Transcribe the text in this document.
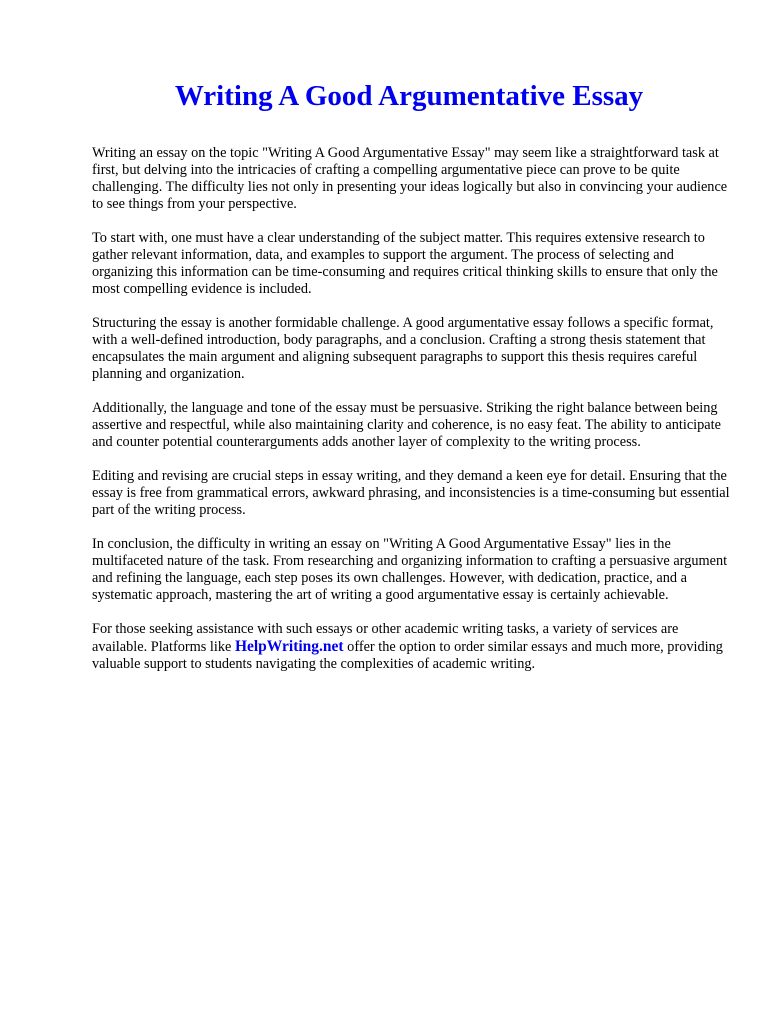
Writing A Good Argumentative Essay

Writing an essay on the topic "Writing A Good Argumentative Essay" may seem like a straightforward task at first, but delving into the intricacies of crafting a compelling argumentative piece can prove to be quite challenging. The difficulty lies not only in presenting your ideas logically but also in convincing your audience to see things from your perspective.

To start with, one must have a clear understanding of the subject matter. This requires extensive research to gather relevant information, data, and examples to support the argument. The process of selecting and organizing this information can be time-consuming and requires critical thinking skills to ensure that only the most compelling evidence is included.

Structuring the essay is another formidable challenge. A good argumentative essay follows a specific format, with a well-defined introduction, body paragraphs, and a conclusion. Crafting a strong thesis statement that encapsulates the main argument and aligning subsequent paragraphs to support this thesis requires careful planning and organization.

Additionally, the language and tone of the essay must be persuasive. Striking the right balance between being assertive and respectful, while also maintaining clarity and coherence, is no easy feat. The ability to anticipate and counter potential counterarguments adds another layer of complexity to the writing process.

Editing and revising are crucial steps in essay writing, and they demand a keen eye for detail. Ensuring that the essay is free from grammatical errors, awkward phrasing, and inconsistencies is a time-consuming but essential part of the writing process.

In conclusion, the difficulty in writing an essay on "Writing A Good Argumentative Essay" lies in the multifaceted nature of the task. From researching and organizing information to crafting a persuasive argument and refining the language, each step poses its own challenges. However, with dedication, practice, and a systematic approach, mastering the art of writing a good argumentative essay is certainly achievable.

For those seeking assistance with such essays or other academic writing tasks, a variety of services are available. Platforms like HelpWriting.net offer the option to order similar essays and much more, providing valuable support to students navigating the complexities of academic writing.
